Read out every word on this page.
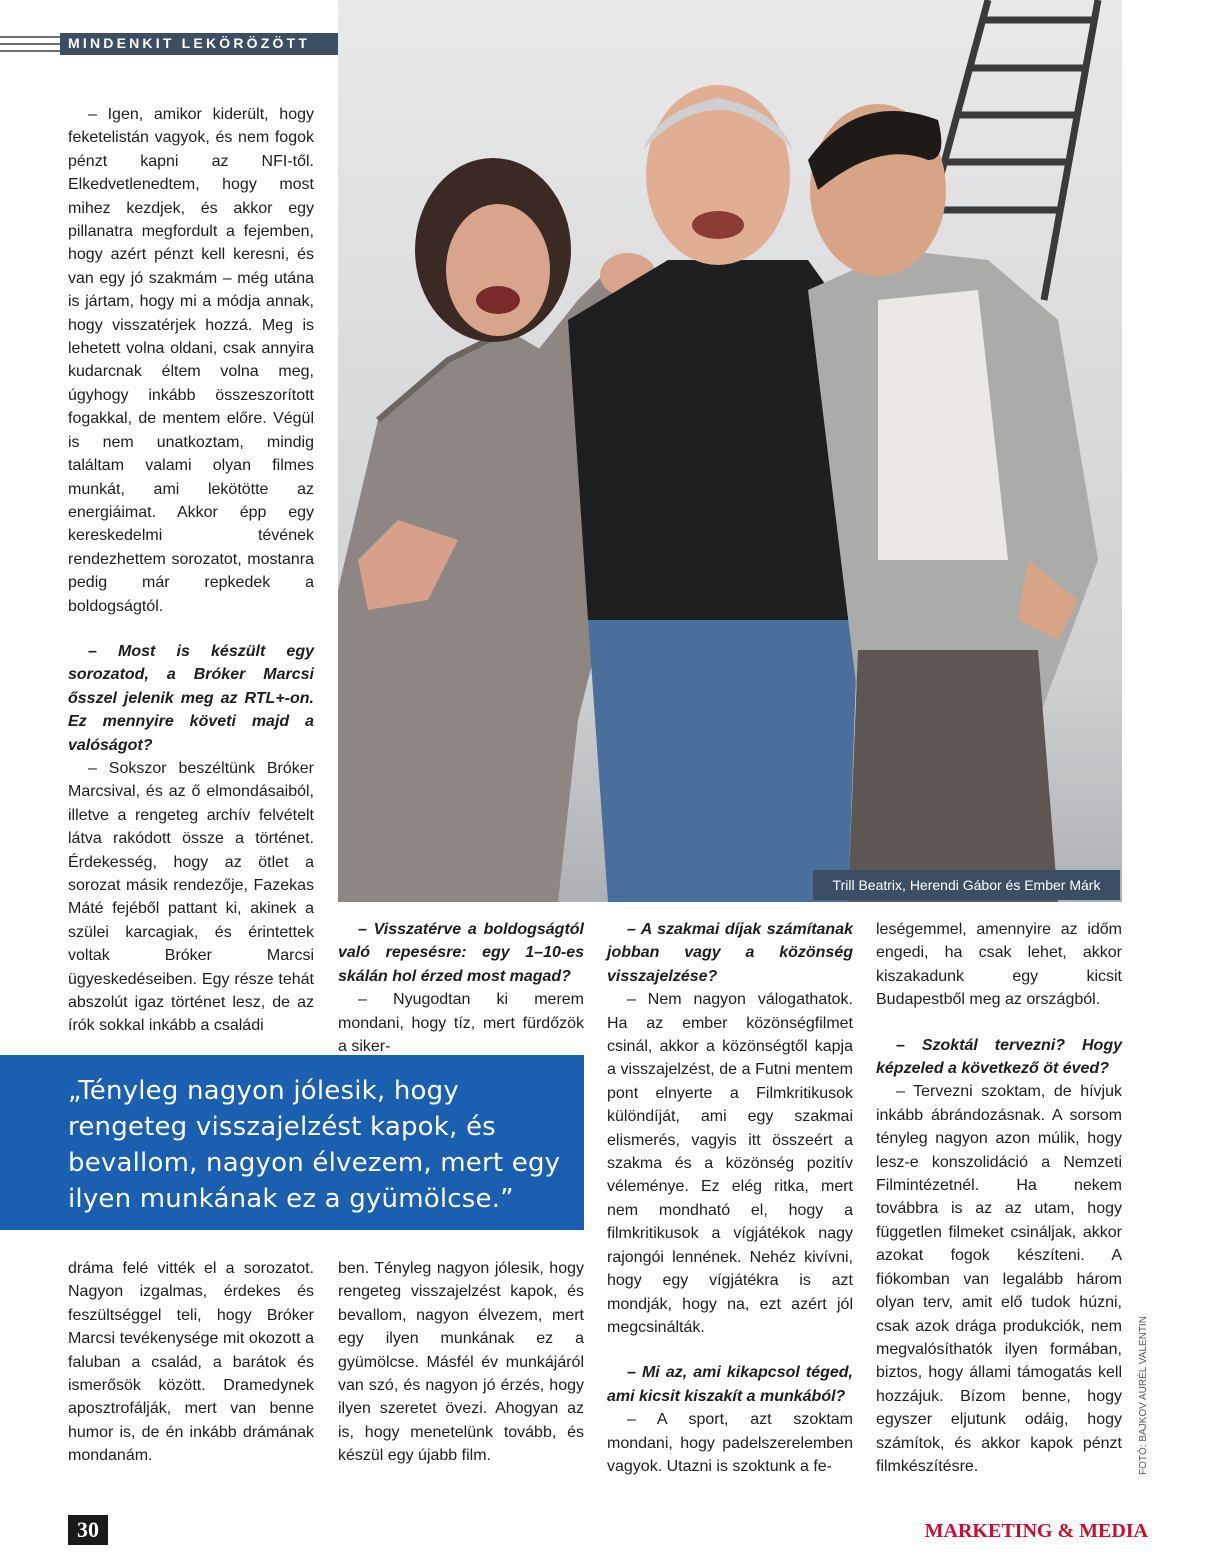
MINDENKIT LEKÖRÖZÖTT
Trill Beatrix, Herendi Gábor és Ember Márk

– Igen, amikor kiderült, hogy feketelistán vagyok, és nem fogok pénzt kapni az NFI-től. Elkedvetlenedtem, hogy most mihez kezdjek, és akkor egy pillanatra megfordult a fejemben, hogy azért pénzt kell keresni, és van egy jó szakmám – még utána is jártam, hogy mi a módja annak, hogy visszatérjek hozzá. Meg is lehetett volna oldani, csak annyira kudarcnak éltem volna meg, úgyhogy inkább összeszorított fogakkal, de mentem előre. Végül is nem unatkoztam, mindig találtam valami olyan filmes munkát, ami lekötötte az energiáimat. Akkor épp egy kereskedelmi tévének rendezhettem sorozatot, mostanra pedig már repkedek a boldogságtól.

– Most is készült egy sorozatod, a Bróker Marcsi ősszel jelenik meg az RTL+-on. Ez mennyire követi majd a valóságot?

– Sokszor beszéltünk Bróker Marcsival, és az ő elmondásaiból, illetve a rengeteg archív felvételt látva rakódott össze a történet. Érdekesség, hogy az ötlet a sorozat másik rendezője, Fazekas Máté fejéből pattant ki, akinek a szülei karcagiak, és érintettek voltak Bróker Marcsi ügyeskedéseiben. Egy része tehát abszolút igaz történet lesz, de az írók sokkal inkább a családi

– Visszatérve a boldogságtól való repesésre: egy 1–10-es skálán hol érzed most magad?

– Nyugodtan ki merem mondani, hogy tíz, mert fürdőzök a siker-

„Tényleg nagyon jólesik, hogy rengeteg visszajelzést kapok, és bevallom, nagyon élvezem, mert egy ilyen munkának ez a gyümölcse.”

dráma felé vitték el a sorozatot. Nagyon izgalmas, érdekes és feszültséggel teli, hogy Bróker Marcsi tevékenysége mit okozott a faluban a család, a barátok és ismerősök között. Dramedynek aposztrofálják, mert van benne humor is, de én inkább drámának mondanám.

ben. Tényleg nagyon jólesik, hogy rengeteg visszajelzést kapok, és bevallom, nagyon élvezem, mert egy ilyen munkának ez a gyümölcse. Másfél év munkájáról van szó, és nagyon jó érzés, hogy ilyen szeretet övezi. Ahogyan az is, hogy menetelünk tovább, és készül egy újabb film.

– A szakmai díjak számítanak jobban vagy a közönség visszajelzése?

– Nem nagyon válogathatok. Ha az ember közönségfilmet csinál, akkor a közönségtől kapja a visszajelzést, de a Futni mentem pont elnyerte a Filmkritikusok különdíját, ami egy szakmai elismerés, vagyis itt összeért a szakma és a közönség pozitív véleménye. Ez elég ritka, mert nem mondható el, hogy a filmkritikusok a vígjátékok nagy rajongói lennének. Nehéz kivívni, hogy egy vígjátékra is azt mondják, hogy na, ezt azért jól megcsinálták.

– Mi az, ami kikapcsol téged, ami kicsit kiszakít a munkából?

– A sport, azt szoktam mondani, hogy padelszerelemben vagyok. Utazni is szoktunk a fe-

leségemmel, amennyire az időm engedi, ha csak lehet, akkor kiszakadunk egy kicsit Budapestből meg az országból.

– Szoktál tervezni? Hogy képzeled a következő öt éved?

– Tervezni szoktam, de hívjuk inkább ábrándozásnak. A sorsom tényleg nagyon azon múlik, hogy lesz-e konszolidáció a Nemzeti Filmintézetnél. Ha nekem továbbra is az az utam, hogy független filmeket csináljak, akkor azokat fogok készíteni. A fiókomban van legalább három olyan terv, amit elő tudok húzni, csak azok drága produkciók, nem megvalósíthatók ilyen formában, biztos, hogy állami támogatás kell hozzájuk. Bízom benne, hogy egyszer eljutunk odáig, hogy számítok, és akkor kapok pénzt filmkészítésre.	FOTÓ: BAJKOV AURÉL VALENTIN
30	MARKETING & MEDIA
